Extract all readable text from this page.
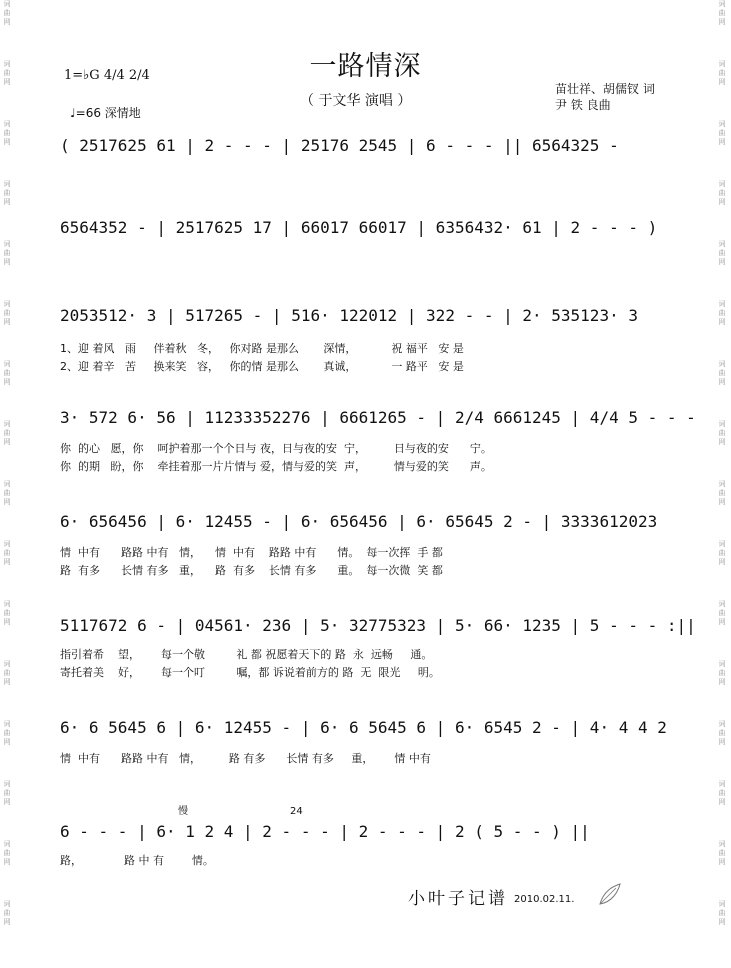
词
曲
网
词
曲
网
词
曲
网
词
曲
网
词
曲
网
词
曲
网
词
曲
网
词
曲
网
词
曲
网
词
曲
网
词
曲
网
词
曲
网
词
曲
网
词
曲
网
词
曲
网
词
曲
网
词
曲
网
词
曲
网
词
曲
网
词
曲
网
词
曲
网
词
曲
网
词
曲
网
词
曲
网
词
曲
网
词
曲
网
词
曲
网
词
曲
网
词
曲
网
词
曲
网
词
曲
网
词
曲
网
一路情深
（ 于文华 演唱 ）
1=♭G 4/4 2/4
♩=66 深情地
苗壮祥、胡儒钗 词
尹 铁 良曲
( 2517625 61 | 2 - - - | 25176 2545 | 6 - - - || 6564325 -
6564352 - | 2517625 17 | 66017 66017 | 6356432· 61 | 2 - - - )
2053512· 3 | 517265 - | 516· 122012 | 322 - - | 2· 535123· 3
1、迎 着风   雨     伴着秋   冬，   你对路 是那么       深情，          祝 福平   安 是
2、迎 着辛   苦     换来笑   容，   你的情 是那么       真诚，          一 路平   安 是
3· 572 6· 56 | 11233352276 | 6661265 - | 2/4 6661245 | 4/4 5 - - -
你  的心   愿，你    呵护着那一个个日与 夜，日与夜的安  宁，        日与夜的安      宁。
你  的期   盼，你    牵挂着那一片片情与 爱，情与爱的笑  声，        情与爱的笑      声。
6· 656456 | 6· 12455 - | 6· 656456 | 6· 65645 2 - | 3333612023
情  中有      路路 中有   情，    情  中有    路路 中有      情。  每一次挥  手 都
路  有多      长情 有多   重，    路  有多    长情 有多      重。  每一次微  笑 都
5117672 6 - | 04561· 236 | 5· 32775323 | 5· 66· 1235 | 5 - - - :||
指引着希    望，      每一个敬         礼 都 祝愿着天下的 路  永  远畅     通。
寄托着美    好，      每一个叮         嘱，都 诉说着前方的 路  无  限光     明。
6· 6 5645 6 | 6· 12455 - | 6· 6 5645 6 | 6· 6545 2 - | 4· 4 4 2
情  中有      路路 中有   情，        路 有多      长情 有多     重，      情 中有
慢	24
6 - - - | 6· 1 2 4 | 2 - - - | 2 - - - | 2 ( 5 - - ) ||
路，            路 中 有        情。
小叶子记谱 2010.02.11.
